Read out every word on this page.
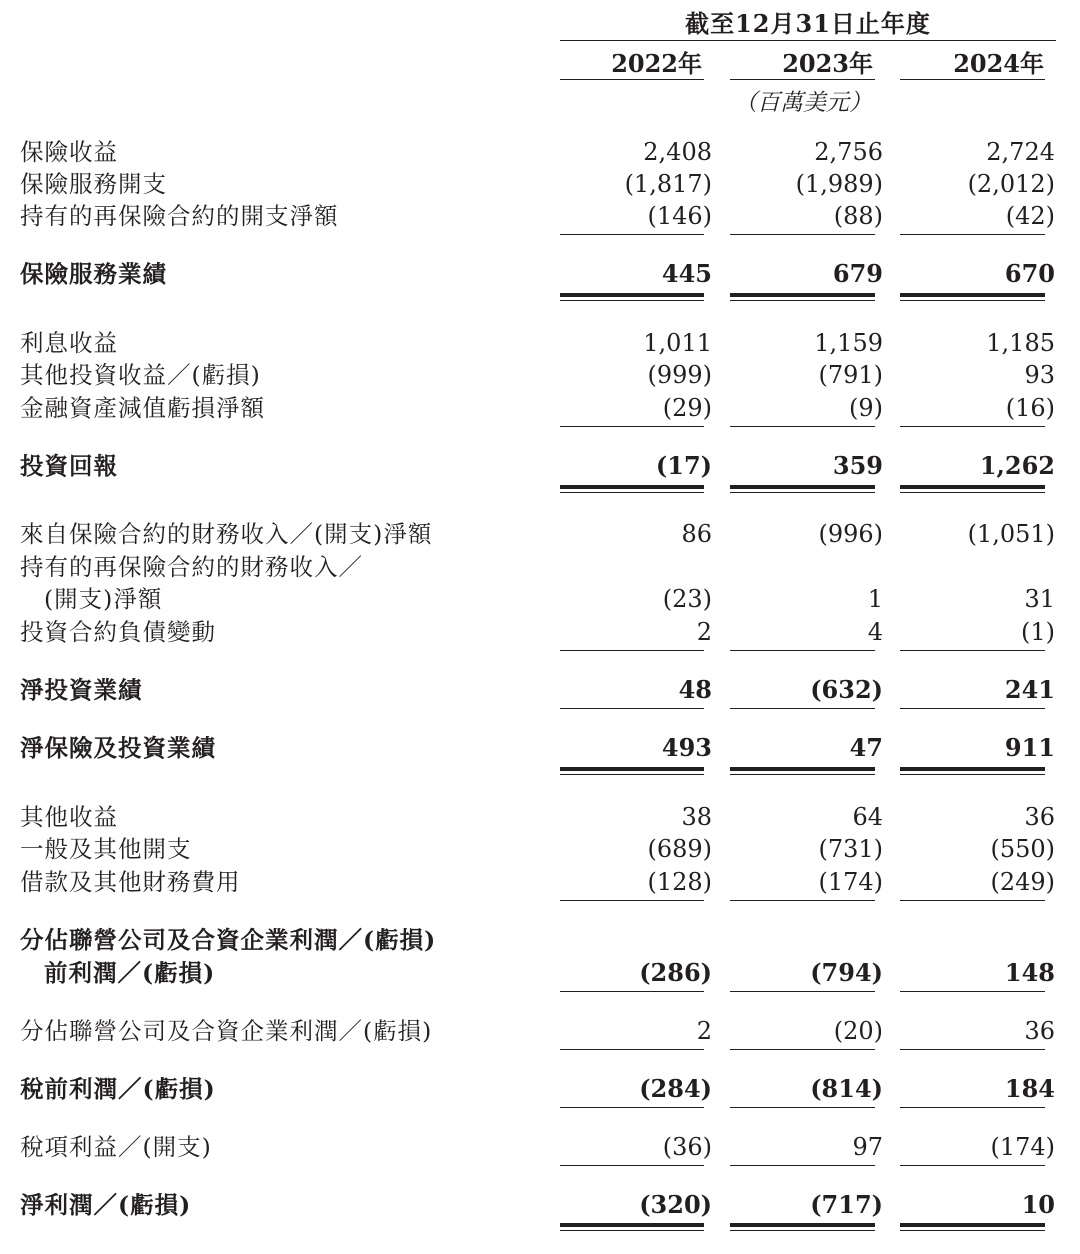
截至12月31日止年度
2022年	2023年	2024年
（百萬美元）
保險收益	2,408	2,756	2,724
保險服務開支	(1,817)	(1,989)	(2,012)
持有的再保險合約的開支淨額	(146)	(88)	(42)
保險服務業績	445	679	670
利息收益	1,011	1,159	1,185
其他投資收益／(虧損)	(999)	(791)	93
金融資產減值虧損淨額	(29)	(9)	(16)
投資回報	(17)	359	1,262
來自保險合約的財務收入／(開支)淨額	86	(996)	(1,051)
持有的再保險合約的財務收入／
(開支)淨額	(23)	1	31
投資合約負債變動	2	4	(1)
淨投資業績	48	(632)	241
淨保險及投資業績	493	47	911
其他收益	38	64	36
一般及其他開支	(689)	(731)	(550)
借款及其他財務費用	(128)	(174)	(249)
分佔聯營公司及合資企業利潤／(虧損)
前利潤／(虧損)	(286)	(794)	148
分佔聯營公司及合資企業利潤／(虧損)	2	(20)	36
稅前利潤／(虧損)	(284)	(814)	184
稅項利益／(開支)	(36)	97	(174)
淨利潤／(虧損)	(320)	(717)	10
